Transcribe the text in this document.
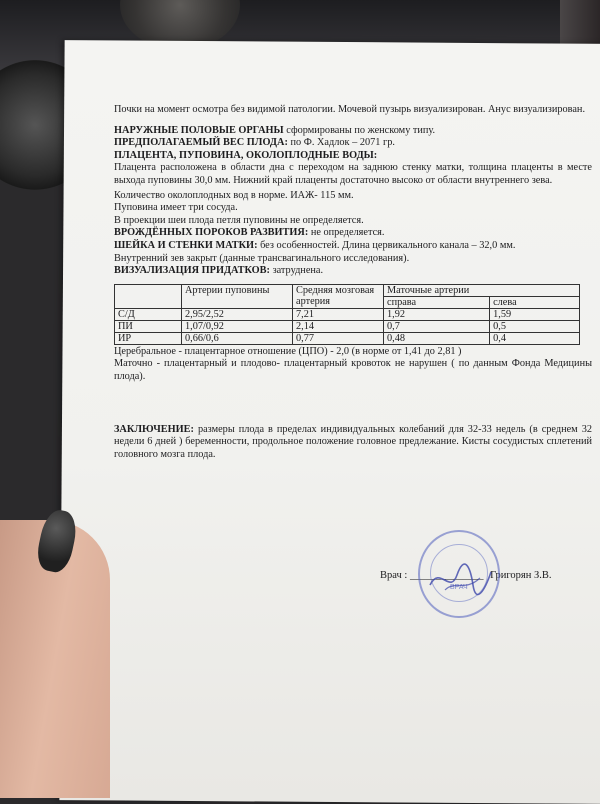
Почки на момент осмотра без видимой патологии. Мочевой пузырь визуализирован. Анус визуализирован.
НАРУЖНЫЕ ПОЛОВЫЕ ОРГАНЫ сформированы по женскому типу.
ПРЕДПОЛАГАЕМЫЙ ВЕС ПЛОДА: по Ф. Хадлок – 2071 гр.
ПЛАЦЕНТА, ПУПОВИНА, ОКОЛОПЛОДНЫЕ ВОДЫ:
Плацента расположена в области дна с переходом на заднюю стенку матки, толщина плаценты в месте выхода пуповины 30,0 мм. Нижний край плаценты достаточно высоко от области внутреннего зева.
Количество околоплодных вод в норме. ИАЖ- 115 мм.
Пуповина имеет три сосуда.
В проекции шеи плода петля пуповины не определяется.
ВРОЖДЁННЫХ ПОРОКОВ РАЗВИТИЯ: не определяется.
ШЕЙКА И СТЕНКИ МАТКИ: без особенностей. Длина цервикального канала – 32,0 мм.
Внутренний зев закрыт (данные трансвагинального исследования).
ВИЗУАЛИЗАЦИЯ ПРИДАТКОВ: затруднена.
	Артерии пуповины	Средняя мозговая артерия	Маточные артерии	
			справа	слева
С/Д	2,95/2,52	7,21	1,92	1,59
ПИ	1,07/0,92	2,14	0,7	0,5
ИР	0,66/0,6	0,77	0,48	0,4
Церебральное - плацентарное отношение (ЦПО) - 2,0 (в норме от 1,41 до 2,81 )
Маточно - плацентарный и плодово- плацентарный кровоток не нарушен ( по данным Фонда Медицины плода).
ЗАКЛЮЧЕНИЕ: размеры плода в пределах индивидуальных колебаний для 32-33 недель (в среднем 32 недели 6 дней ) беременности, продольное положение головное предлежание. Кисты сосудистых сплетений головного мозга плода.
Врач : ______________ Григорян З.В.
ВРАЧ
